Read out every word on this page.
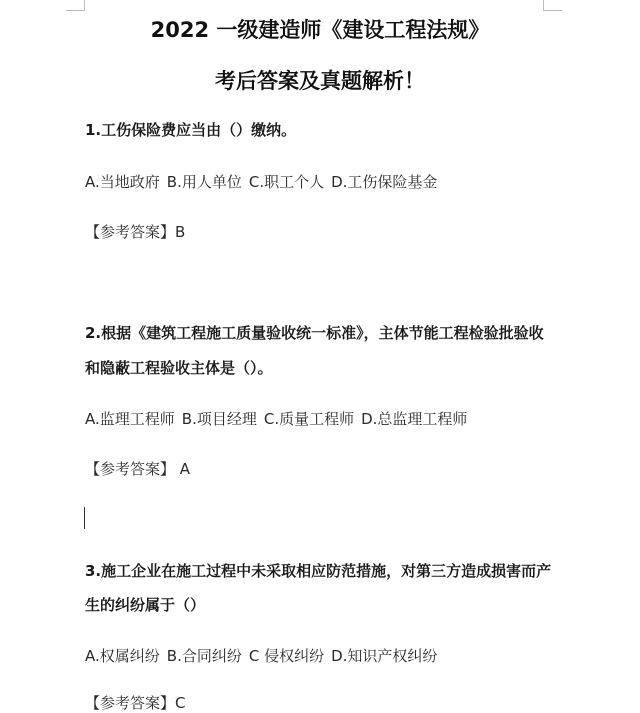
2022 一级建造师《建设工程法规》
考后答案及真题解析！
1.工伤保险费应当由（）缴纳。
A.当地政府 B.用人单位 C.职工个人 D.工伤保险基金
【参考答案】B
2.根据《建筑工程施工质量验收统一标准》，主体节能工程检验批验收
和隐蔽工程验收主体是（）。
A.监理工程师 B.项目经理 C.质量工程师 D.总监理工程师
【参考答案】 A
3.施工企业在施工过程中未采取相应防范措施，对第三方造成损害而产
生的纠纷属于（）
A.权属纠纷 B.合同纠纷 C 侵权纠纷 D.知识产权纠纷
【参考答案】C
